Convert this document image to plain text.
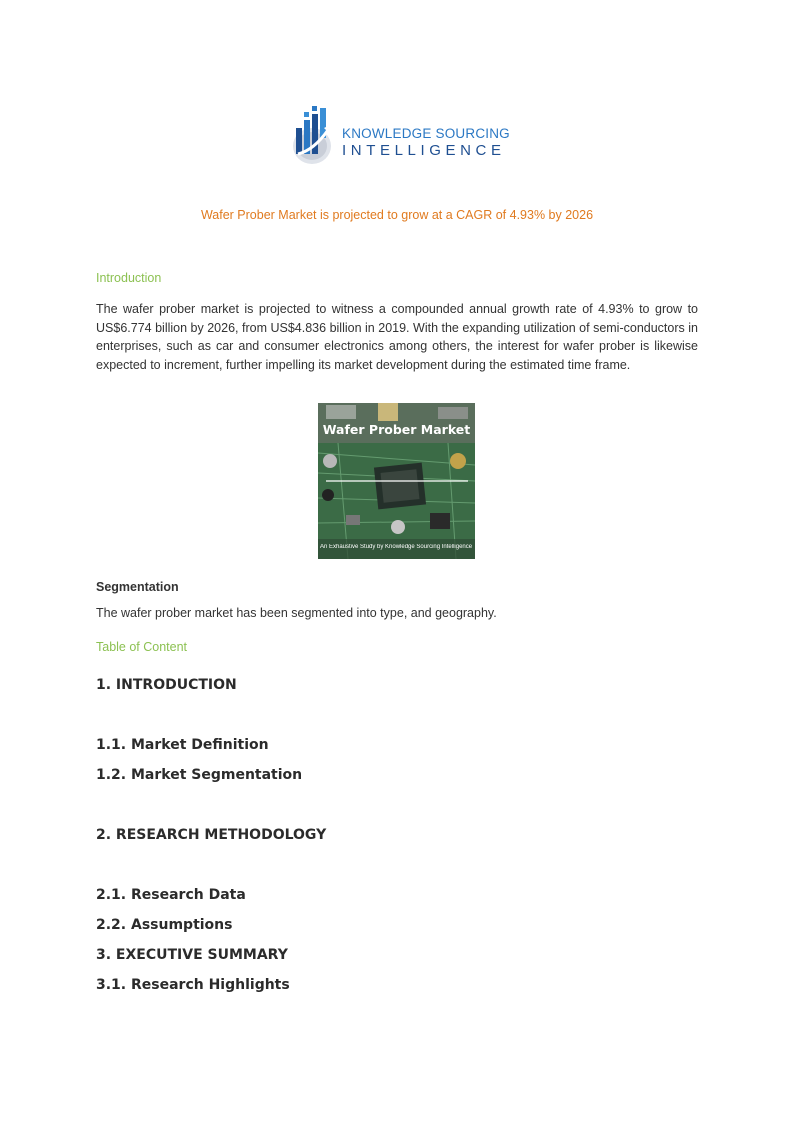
KNOWLEDGE SOURCING
INTELLIGENCE
Wafer Prober Market is projected to grow at a CAGR of 4.93% by 2026
Introduction
The wafer prober market is projected to witness a compounded annual growth rate of 4.93% to grow to US$6.774 billion by 2026, from US$4.836 billion in 2019. With the expanding utilization of semi-conductors in enterprises, such as car and consumer electronics among others, the interest for wafer prober is likewise expected to increment, further impelling its market development during the estimated time frame.
Wafer Prober Market
An Exhaustive Study by Knowledge Sourcing Intelligence
Segmentation
The wafer prober market has been segmented into type, and geography.
Table of Content
1. INTRODUCTION
1.1. Market Definition
1.2. Market Segmentation
2. RESEARCH METHODOLOGY
2.1. Research Data
2.2. Assumptions
3. EXECUTIVE SUMMARY
3.1. Research Highlights
